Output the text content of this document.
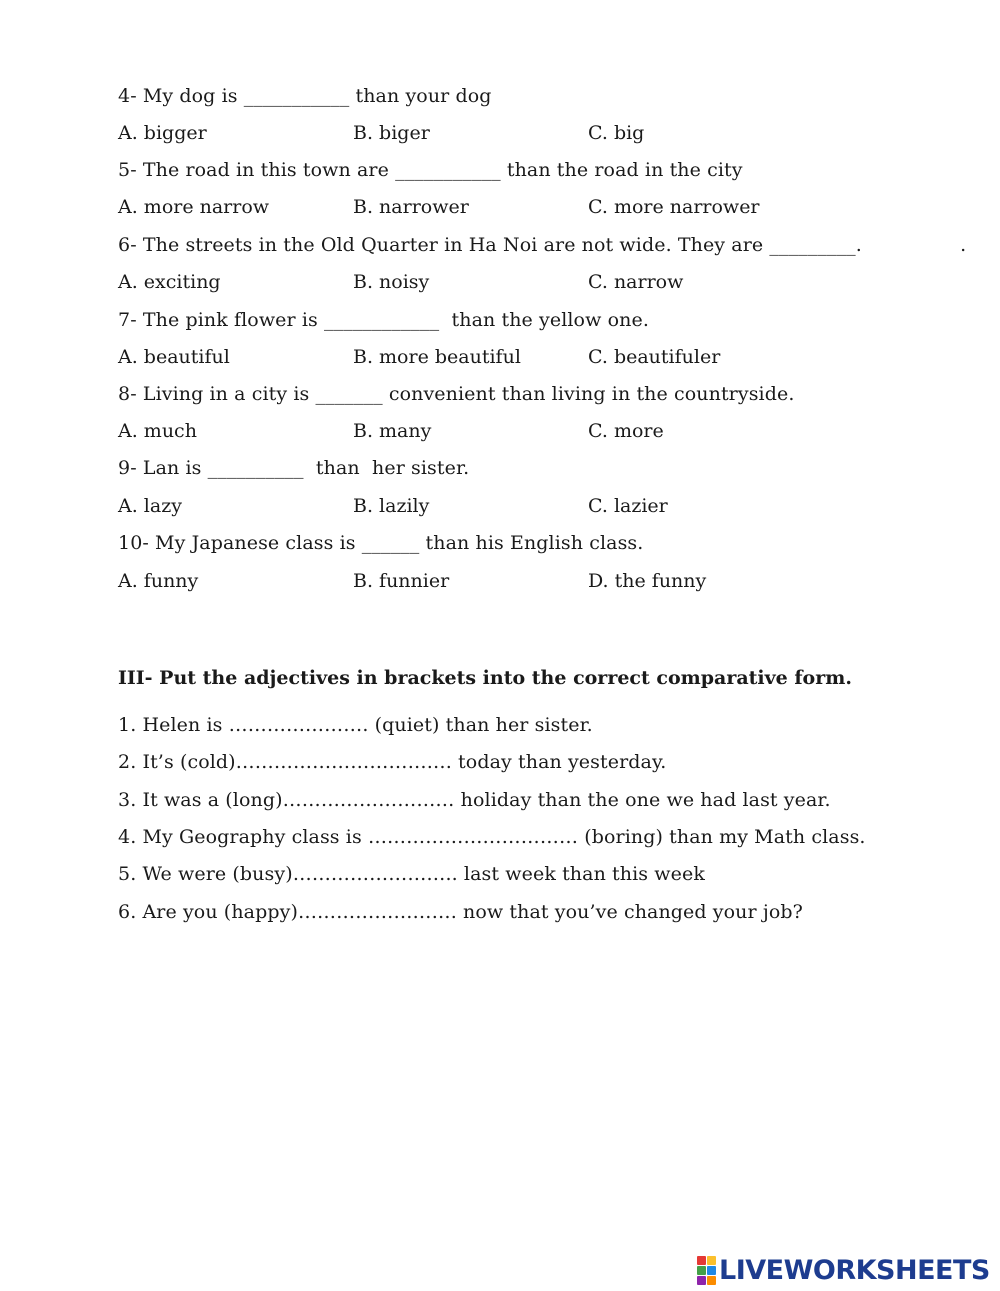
4- My dog is ___________ than your dog
A. bigger	B. biger	C. big
5- The road in this town are ___________ than the road in the city
A. more narrow	B. narrower	C. more narrower
6- The streets in the Old Quarter in Ha Noi are not wide. They are _________.                .
A. exciting	B. noisy	C. narrow
7- The pink flower is ____________  than the yellow one.
A. beautiful	B. more beautiful	C. beautifuler
8- Living in a city is _______ convenient than living in the countryside.
A. much	B. many	C. more
9- Lan is __________  than  her sister.
A. lazy	B. lazily	C. lazier
10- My Japanese class is ______ than his English class.
A. funny	B. funnier	D. the funny
III- Put the adjectives in brackets into the correct comparative form.
1. Helen is …………………. (quiet) than her sister.
2. It’s (cold)……………………………. today than yesterday.
3. It was a (long)……………………… holiday than the one we had last year.
4. My Geography class is …………………………… (boring) than my Math class.
5. We were (busy)…………………….. last week than this week
6. Are you (happy)……………………. now that you’ve changed your job?
LIVEWORKSHEETS
